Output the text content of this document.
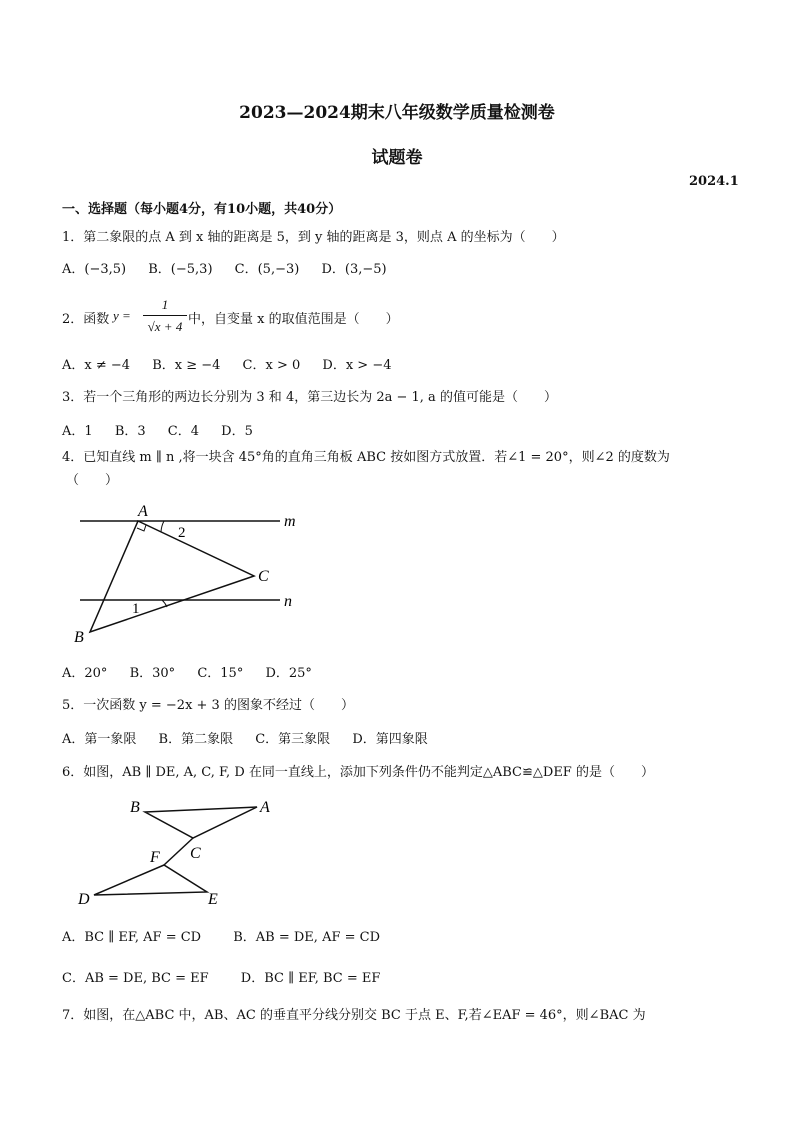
2023—2024期末八年级数学质量检测卷
试题卷
2024.1
一、选择题（每小题4分，有10小题，共40分）
1．第二象限的点 A 到 x 轴的距离是 5，到 y 轴的距离是 3，则点 A 的坐标为（　　）
A．(−3,5) B．(−5,3) C．(5,−3) D．(3,−5)
2．函数 y =
1
√x + 4 中，自变量 x 的取值范围是（　　）
A．x ≠ −4 B．x ≥ −4 C．x > 0 D．x > −4
3．若一个三角形的两边长分别为 3 和 4，第三边长为 2a − 1, a 的值可能是（　　）
A．1 B．3 C．4 D．5
4．已知直线 m ∥ n ,将一块含 45°角的直角三角板 ABC 按如图方式放置．若∠1 = 20°，则∠2 的度数为
（　　）
A
2
m
C
n
1
B
A．20° B．30° C．15° D．25°
5．一次函数 y = −2x + 3 的图象不经过（　　）
A．第一象限 B．第二象限 C．第三象限 D．第四象限
6．如图，AB ∥ DE, A, C, F, D 在同一直线上，添加下列条件仍不能判定△ABC≌△DEF 的是（　　）
B	A
C
F
D	E
A．BC ∥ EF, AF = CD B．AB = DE, AF = CD
C．AB = DE, BC = EF D．BC ∥ EF, BC = EF
7．如图，在△ABC 中，AB、AC 的垂直平分线分别交 BC 于点 E、F,若∠EAF = 46°，则∠BAC 为
